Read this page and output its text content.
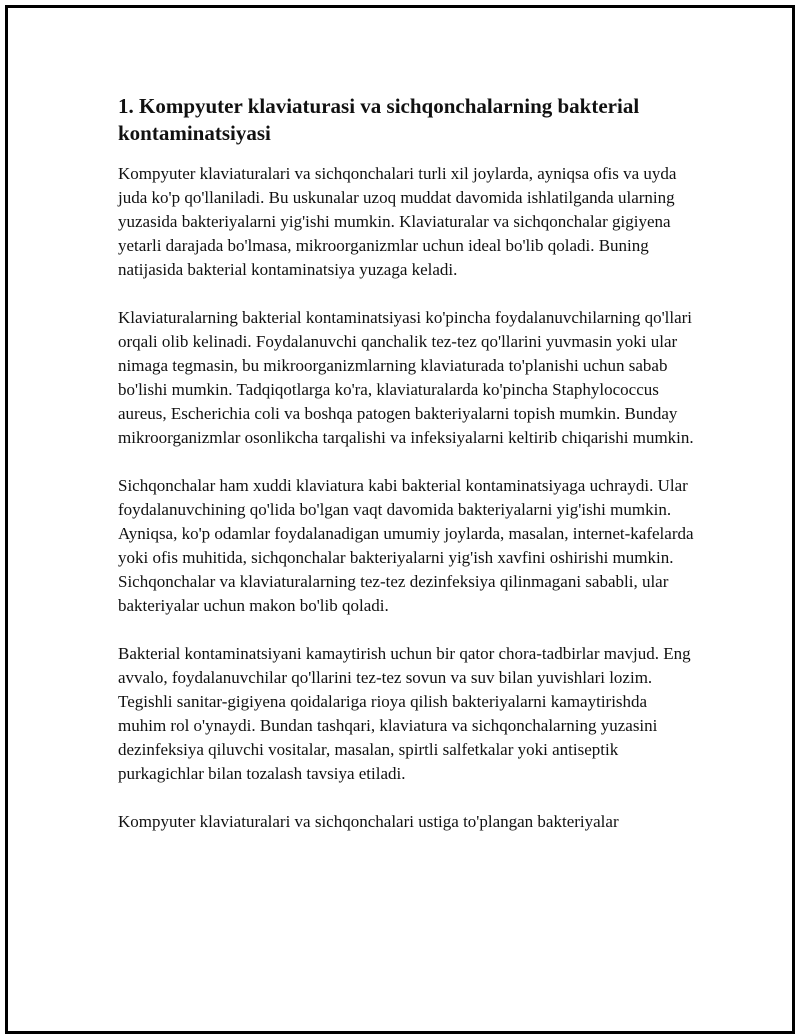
1. Kompyuter klaviaturasi va sichqonchalarning bakterial kontaminatsiyasi

Kompyuter klaviaturalari va sichqonchalari turli xil joylarda, ayniqsa ofis va uyda juda ko'p qo'llaniladi. Bu uskunalar uzoq muddat davomida ishlatilganda ularning yuzasida bakteriyalarni yig'ishi mumkin. Klaviaturalar va sichqonchalar gigiyena yetarli darajada bo'lmasa, mikroorganizmlar uchun ideal bo'lib qoladi. Buning natijasida bakterial kontaminatsiya yuzaga keladi.

Klaviaturalarning bakterial kontaminatsiyasi ko'pincha foydalanuvchilarning qo'llari orqali olib kelinadi. Foydalanuvchi qanchalik tez-tez qo'llarini yuvmasin yoki ular nimaga tegmasin, bu mikroorganizmlarning klaviaturada to'planishi uchun sabab bo'lishi mumkin. Tadqiqotlarga ko'ra, klaviaturalarda ko'pincha Staphylococcus aureus, Escherichia coli va boshqa patogen bakteriyalarni topish mumkin. Bunday mikroorganizmlar osonlikcha tarqalishi va infeksiyalarni keltirib chiqarishi mumkin.

Sichqonchalar ham xuddi klaviatura kabi bakterial kontaminatsiyaga uchraydi. Ular foydalanuvchining qo'lida bo'lgan vaqt davomida bakteriyalarni yig'ishi mumkin. Ayniqsa, ko'p odamlar foydalanadigan umumiy joylarda, masalan, internet-kafelarda yoki ofis muhitida, sichqonchalar bakteriyalarni yig'ish xavfini oshirishi mumkin. Sichqonchalar va klaviaturalarning tez-tez dezinfeksiya qilinmagani sababli, ular bakteriyalar uchun makon bo'lib qoladi.

Bakterial kontaminatsiyani kamaytirish uchun bir qator chora-tadbirlar mavjud. Eng avvalo, foydalanuvchilar qo'llarini tez-tez sovun va suv bilan yuvishlari lozim. Tegishli sanitar-gigiyena qoidalariga rioya qilish bakteriyalarni kamaytirishda muhim rol o'ynaydi. Bundan tashqari, klaviatura va sichqonchalarning yuzasini dezinfeksiya qiluvchi vositalar, masalan, spirtli salfetkalar yoki antiseptik purkagichlar bilan tozalash tavsiya etiladi.

Kompyuter klaviaturalari va sichqonchalari ustiga to'plangan bakteriyalar
